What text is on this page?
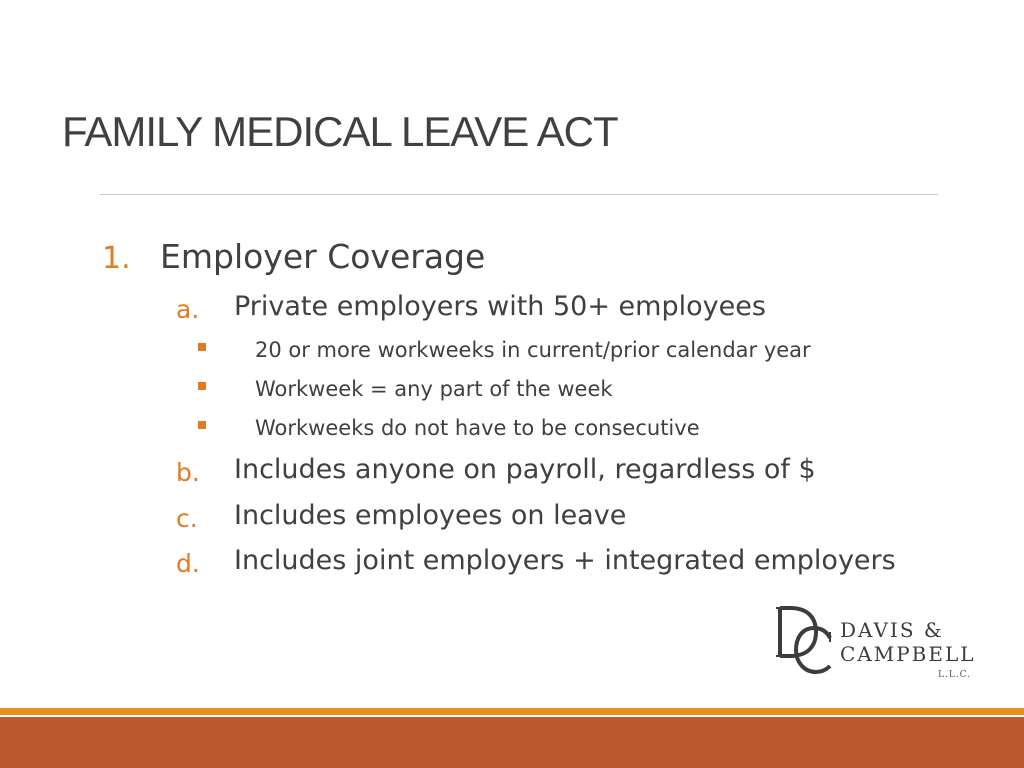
FAMILY MEDICAL LEAVE ACT
1. Employer Coverage
a. Private employers with 50+ employees
20 or more workweeks in current/prior calendar year
Workweek = any part of the week
Workweeks do not have to be consecutive
b. Includes anyone on payroll, regardless of $
c. Includes employees on leave
d. Includes joint employers + integrated employers
DAVIS &
CAMPBELL
L.L.C.
